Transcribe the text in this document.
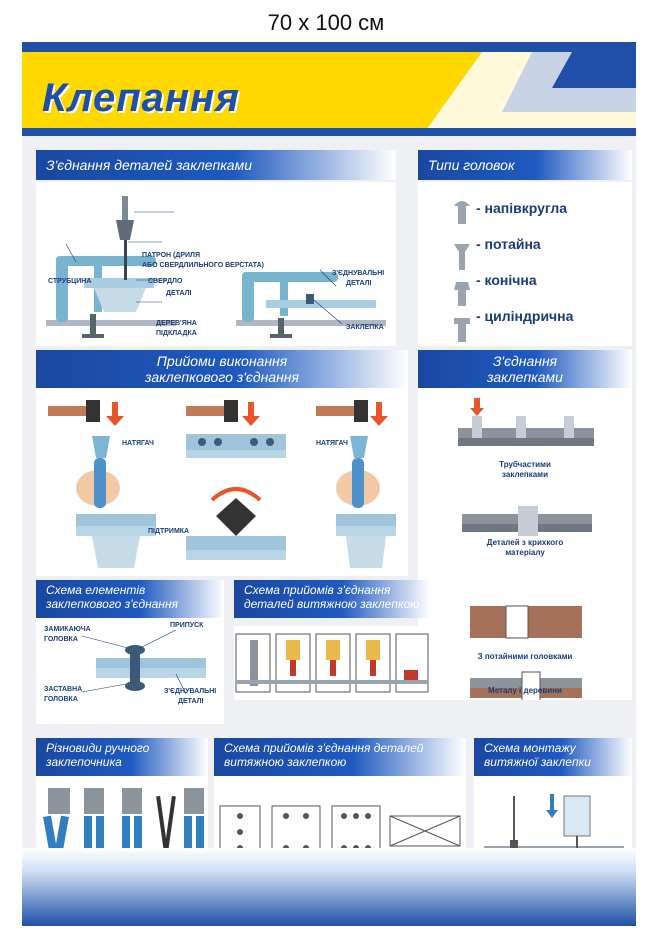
70 x 100 см
Клепання
З'єднання деталей заклепками
ПАТРОН (ДРИЛЯ
АБО СВЕРДЛИЛЬНОГО ВЕРСТАТА)
СТРУБЦИНА	СВЕРДЛО
ДЕТАЛІ
ДЕРЕВ'ЯНА
ПІДКЛАДКА
З'ЄДНУВАЛЬНІ
ДЕТАЛІ
ЗАКЛЕПКА
Типи головок
- напівкругла
- потайна
- конічна
- циліндрична
Прийоми виконання
заклепкового з'єднання
НАТЯГАЧ	НАТЯГАЧ
ПІДТРИМКА
З'єднання
заклепками
Трубчастими
заклепками
Деталей з крихкого
матеріалу
З потайними головками
Металу і деревини
Схема елементів
заклепкового з'єднання
ЗАМИКАЮЧА
ГОЛОВКА
ПРИПУСК
ЗАСТАВНА
ГОЛОВКА
З'ЄДНУВАЛЬНІ
ДЕТАЛІ
Схема прийомів з'єднання
деталей витяжною заклепкою
Різновиди ручного
заклепочника
Схема прийомів з'єднання деталей
витяжною заклепкою
Схема монтажу
витяжної заклепки
